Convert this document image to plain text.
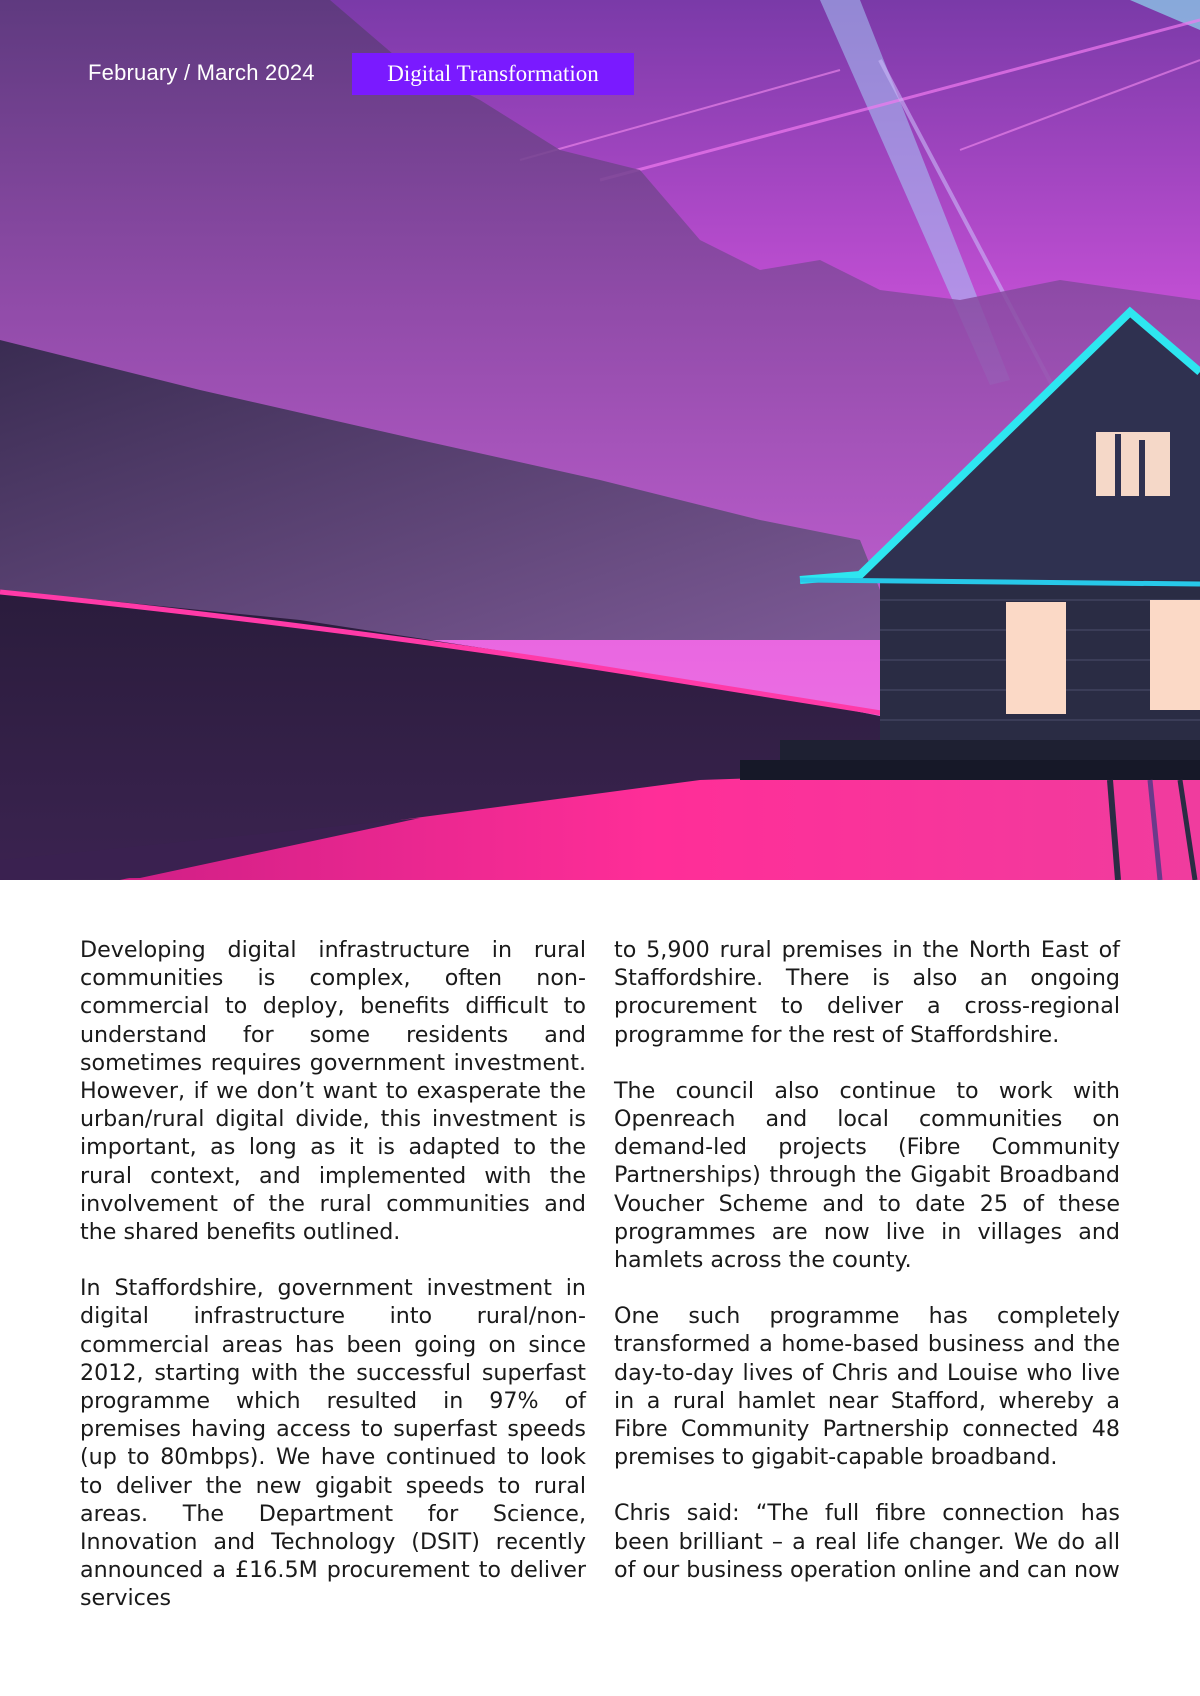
February / March 2024	Digital Transformation

Developing digital infrastructure in rural communities is complex, often non-commercial to deploy, benefits difficult to understand for some residents and sometimes requires government investment. However, if we don’t want to exasperate the urban/rural digital divide, this investment is important, as long as it is adapted to the rural context, and implemented with the involvement of the rural communities and the shared benefits outlined.

In Staffordshire, government investment in digital infrastructure into rural/non-commercial areas has been going on since 2012, starting with the successful superfast programme which resulted in 97% of premises having access to superfast speeds (up to 80mbps). We have continued to look to deliver the new gigabit speeds to rural areas. The Department for Science, Innovation and Technology (DSIT) recently announced a £16.5M procurement to deliver services

to 5,900 rural premises in the North East of Staffordshire. There is also an ongoing procurement to deliver a cross-regional programme for the rest of Staffordshire.

The council also continue to work with Openreach and local communities on demand-led projects (Fibre Community Partnerships) through the Gigabit Broadband Voucher Scheme and to date 25 of these programmes are now live in villages and hamlets across the county.

One such programme has completely transformed a home-based business and the day-to-day lives of Chris and Louise who live in a rural hamlet near Stafford, whereby a Fibre Community Partnership connected 48 premises to gigabit-capable broadband.

Chris said: “The full fibre connection has been brilliant – a real life changer. We do all of our business operation online and can now
